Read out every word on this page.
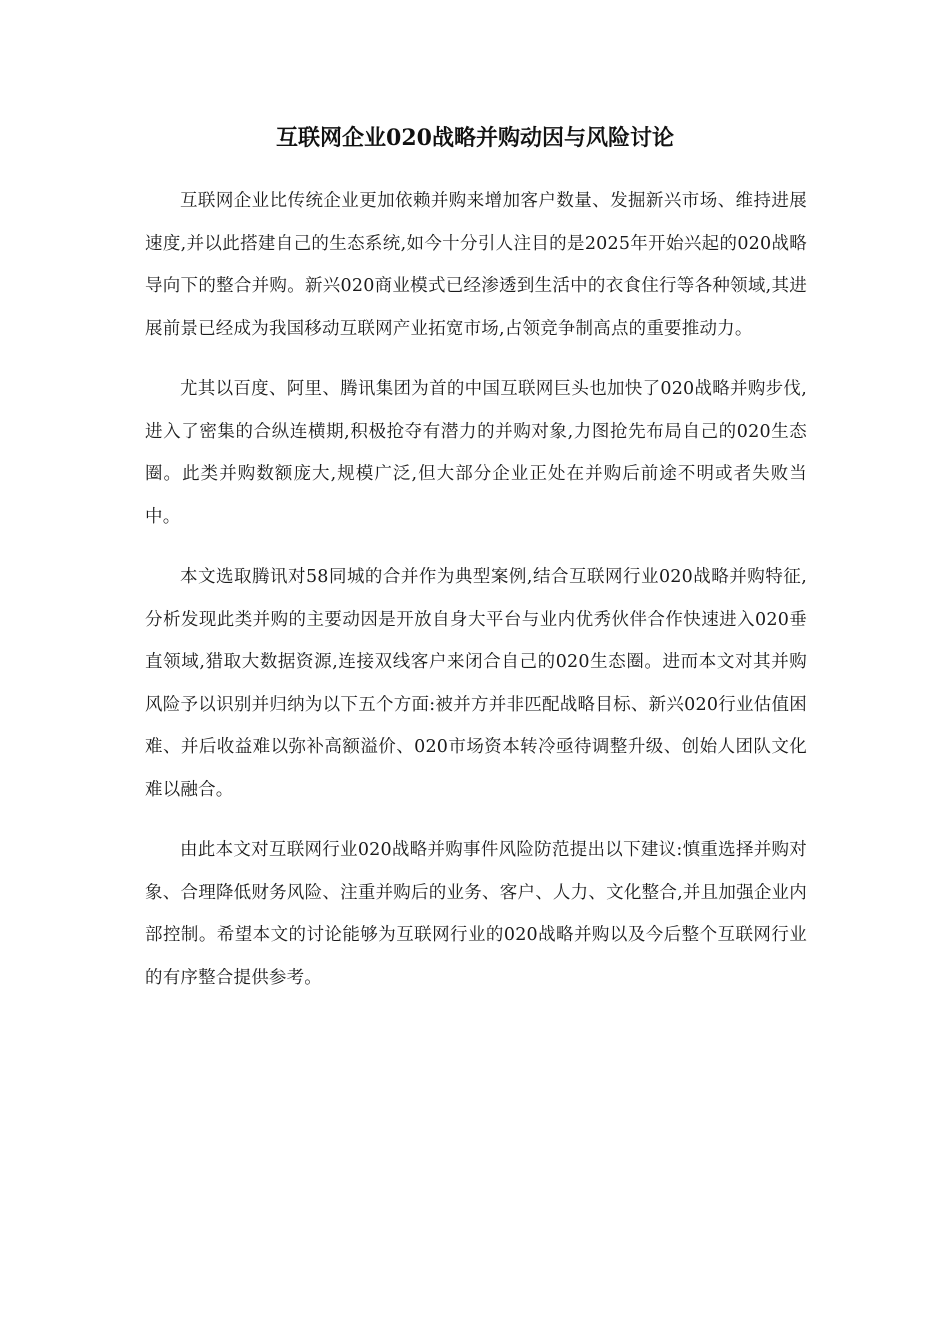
互联网企业020战略并购动因与风险讨论

互联网企业比传统企业更加依赖并购来增加客户数量、发掘新兴市场、维持进展速度,并以此搭建自己的生态系统,如今十分引人注目的是2025年开始兴起的020战略导向下的整合并购。新兴020商业模式已经渗透到生活中的衣食住行等各种领域,其进展前景已经成为我国移动互联网产业拓宽市场,占领竞争制高点的重要推动力。

尤其以百度、阿里、腾讯集团为首的中国互联网巨头也加快了020战略并购步伐,进入了密集的合纵连横期,积极抢夺有潜力的并购对象,力图抢先布局自己的020生态圈。此类并购数额庞大,规模广泛,但大部分企业正处在并购后前途不明或者失败当中。

本文选取腾讯对58同城的合并作为典型案例,结合互联网行业020战略并购特征,分析发现此类并购的主要动因是开放自身大平台与业内优秀伙伴合作快速进入020垂直领域,猎取大数据资源,连接双线客户来闭合自己的020生态圈。进而本文对其并购风险予以识别并归纳为以下五个方面:被并方并非匹配战略目标、新兴020行业估值困难、并后收益难以弥补高额溢价、020市场资本转冷亟待调整升级、创始人团队文化难以融合。

由此本文对互联网行业020战略并购事件风险防范提出以下建议:慎重选择并购对象、合理降低财务风险、注重并购后的业务、客户、人力、文化整合,并且加强企业内部控制。希望本文的讨论能够为互联网行业的020战略并购以及今后整个互联网行业的有序整合提供参考。
